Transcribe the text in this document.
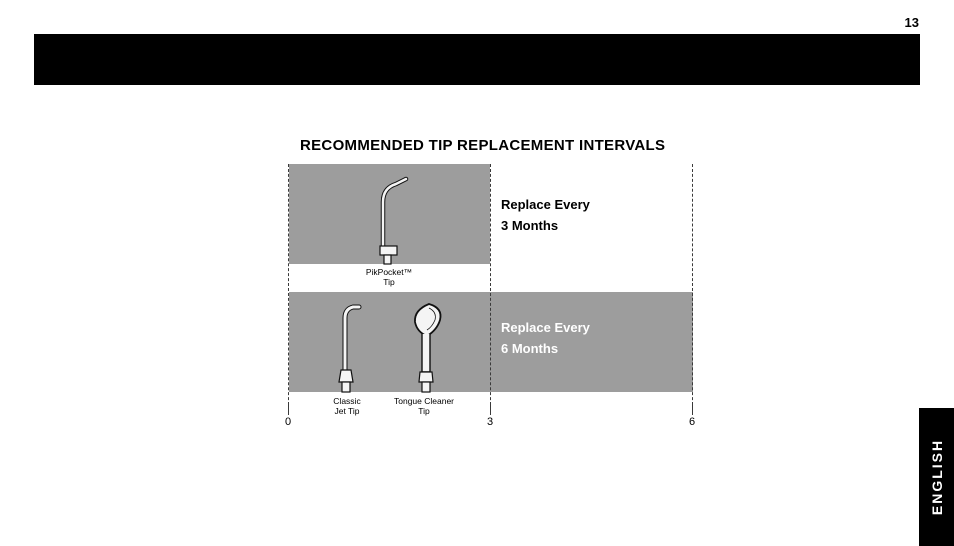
13
RECOMMENDED TIP REPLACEMENT INTERVALS
0	3	6
Replace Every
3 Months
Replace Every
6 Months
PikPocket™
Tip
Classic
Jet Tip
Tongue Cleaner
Tip
ENGLISH
